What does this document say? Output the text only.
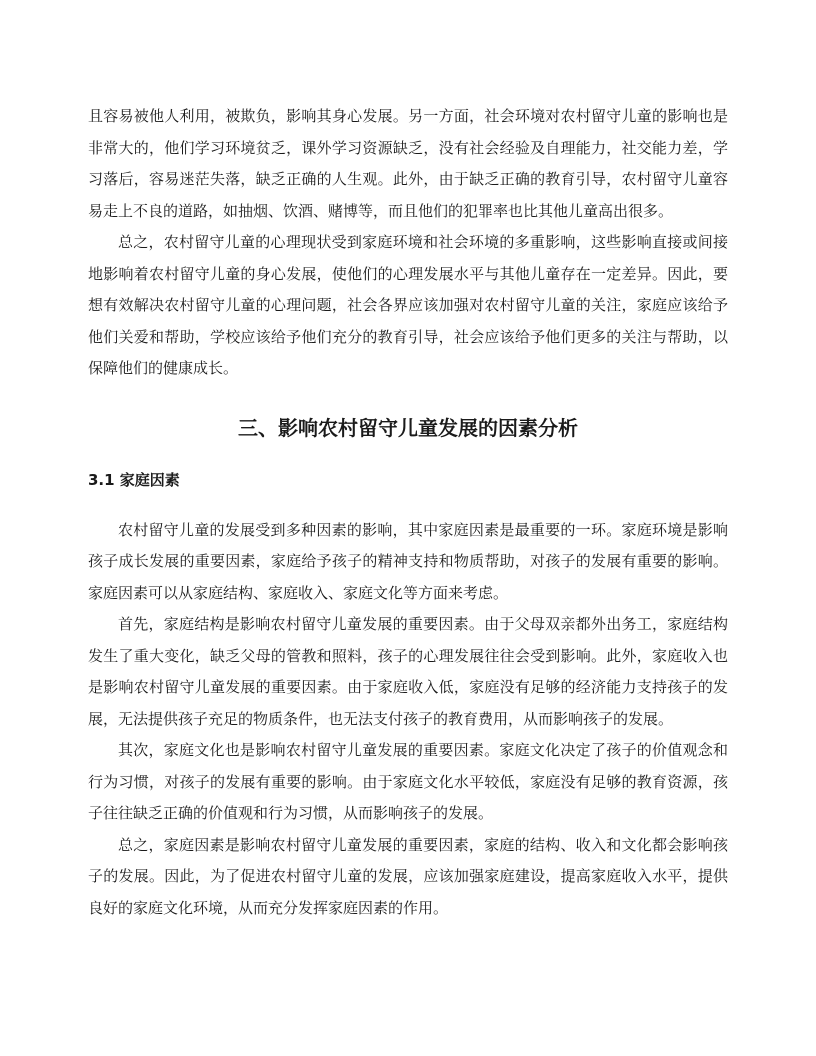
且容易被他人利用，被欺负，影响其身心发展。另一方面，社会环境对农村留守儿童的影响也是非常大的，他们学习环境贫乏，课外学习资源缺乏，没有社会经验及自理能力，社交能力差，学习落后，容易迷茫失落，缺乏正确的人生观。此外，由于缺乏正确的教育引导，农村留守儿童容易走上不良的道路，如抽烟、饮酒、赌博等，而且他们的犯罪率也比其他儿童高出很多。

总之，农村留守儿童的心理现状受到家庭环境和社会环境的多重影响，这些影响直接或间接地影响着农村留守儿童的身心发展，使他们的心理发展水平与其他儿童存在一定差异。因此，要想有效解决农村留守儿童的心理问题，社会各界应该加强对农村留守儿童的关注，家庭应该给予他们关爱和帮助，学校应该给予他们充分的教育引导，社会应该给予他们更多的关注与帮助，以保障他们的健康成长。

三、影响农村留守儿童发展的因素分析
3.1 家庭因素

农村留守儿童的发展受到多种因素的影响，其中家庭因素是最重要的一环。家庭环境是影响孩子成长发展的重要因素，家庭给予孩子的精神支持和物质帮助，对孩子的发展有重要的影响。家庭因素可以从家庭结构、家庭收入、家庭文化等方面来考虑。

首先，家庭结构是影响农村留守儿童发展的重要因素。由于父母双亲都外出务工，家庭结构发生了重大变化，缺乏父母的管教和照料，孩子的心理发展往往会受到影响。此外，家庭收入也是影响农村留守儿童发展的重要因素。由于家庭收入低，家庭没有足够的经济能力支持孩子的发展，无法提供孩子充足的物质条件，也无法支付孩子的教育费用，从而影响孩子的发展。

其次，家庭文化也是影响农村留守儿童发展的重要因素。家庭文化决定了孩子的价值观念和行为习惯，对孩子的发展有重要的影响。由于家庭文化水平较低，家庭没有足够的教育资源，孩子往往缺乏正确的价值观和行为习惯，从而影响孩子的发展。

总之，家庭因素是影响农村留守儿童发展的重要因素，家庭的结构、收入和文化都会影响孩子的发展。因此，为了促进农村留守儿童的发展，应该加强家庭建设，提高家庭收入水平，提供良好的家庭文化环境，从而充分发挥家庭因素的作用。
